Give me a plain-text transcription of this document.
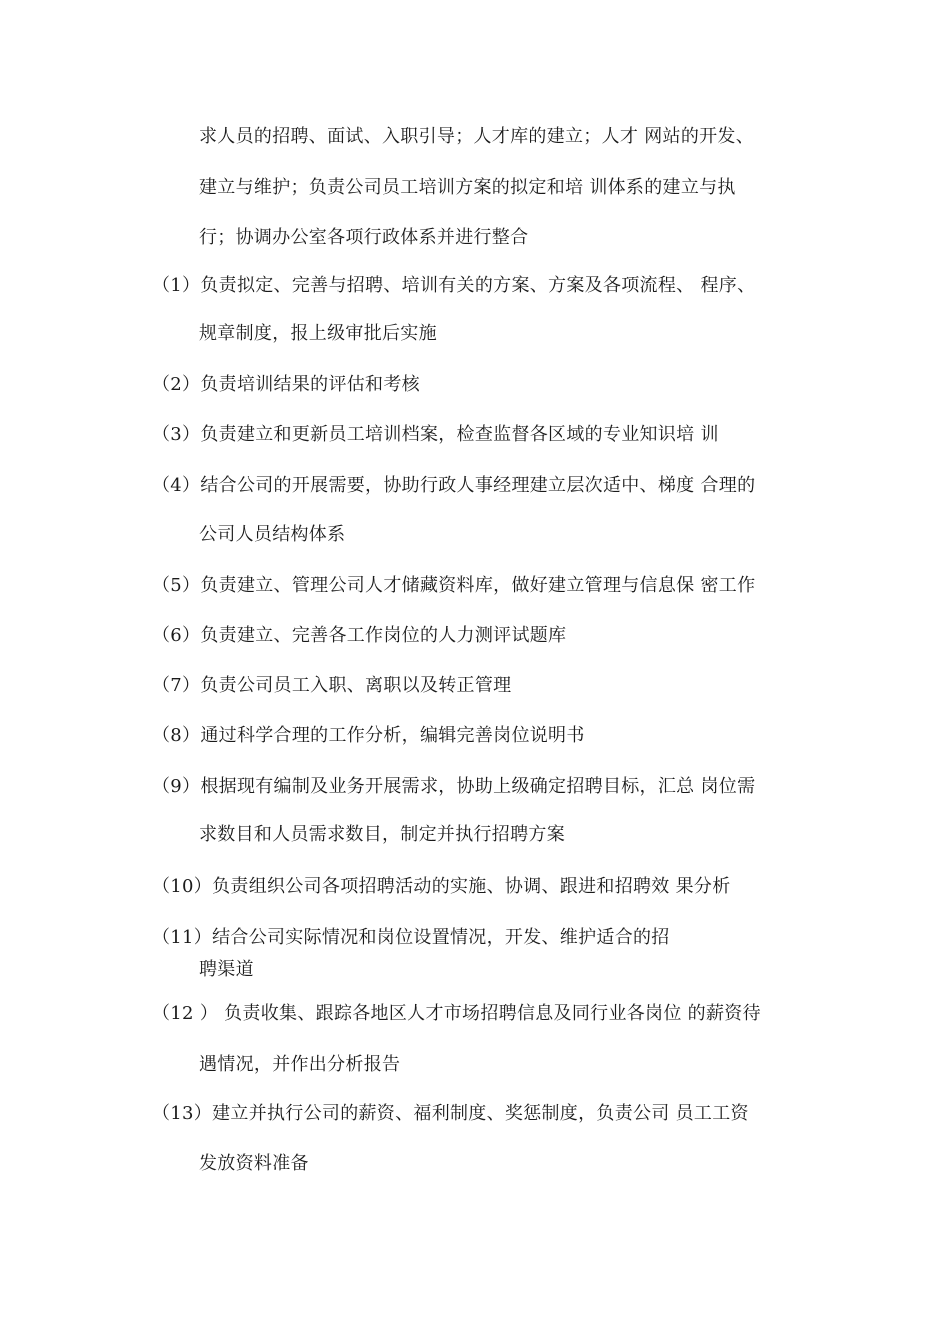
求人员的招聘、面试、入职引导；人才库的建立；人才 网站的开发、
建立与维护；负责公司员工培训方案的拟定和培 训体系的建立与执
行；协调办公室各项行政体系并进行整合
（1）负责拟定、完善与招聘、培训有关的方案、方案及各项流程、 程序、
规章制度，报上级审批后实施
（2）负责培训结果的评估和考核
（3）负责建立和更新员工培训档案，检查监督各区域的专业知识培 训
（4）结合公司的开展需要，协助行政人事经理建立层次适中、梯度 合理的
公司人员结构体系
（5）负责建立、管理公司人才储藏资料库，做好建立管理与信息保 密工作
（6）负责建立、完善各工作岗位的人力测评试题库
（7）负责公司员工入职、离职以及转正管理
（8）通过科学合理的工作分析，编辑完善岗位说明书
（9）根据现有编制及业务开展需求，协助上级确定招聘目标，汇总 岗位需
求数目和人员需求数目，制定并执行招聘方案
（10）负责组织公司各项招聘活动的实施、协调、跟进和招聘效 果分析
（11）结合公司实际情况和岗位设置情况，开发、维护适合的招
聘渠道
（12 ） 负责收集、跟踪各地区人才市场招聘信息及同行业各岗位 的薪资待
遇情况，并作出分析报告
（13）建立并执行公司的薪资、福利制度、奖惩制度，负责公司 员工工资
发放资料准备
